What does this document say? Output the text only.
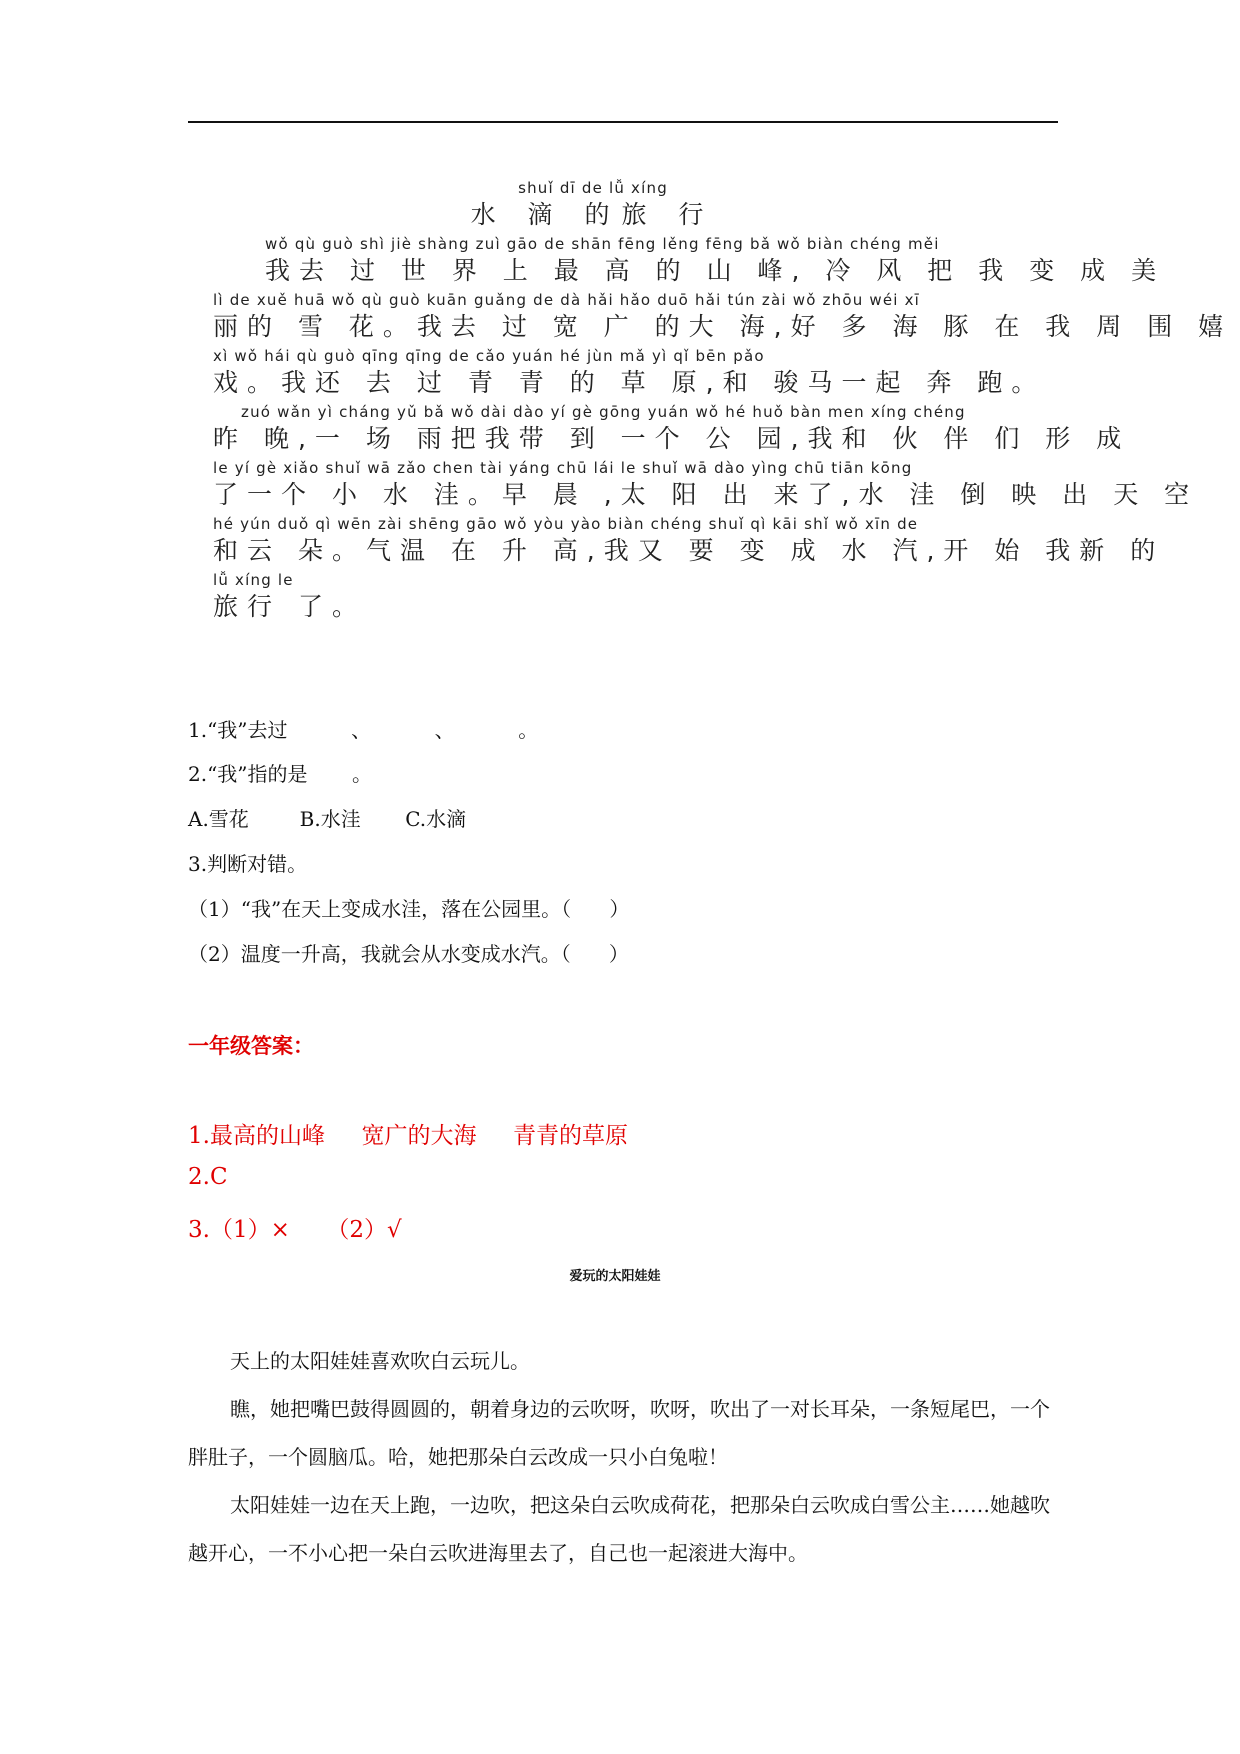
shuǐ dī de lǚ xíng
水 滴 的旅 行
wǒ qù guò shì jiè shàng zuì gāo de shān fēng lěng fēng bǎ wǒ biàn chéng měi
我去 过 世 界 上 最 高 的 山 峰, 冷 风 把 我 变 成 美
lì de xuě huā wǒ qù guò kuān guǎng de dà hǎi hǎo duō hǎi tún zài wǒ zhōu wéi xī
丽的 雪 花。我去 过 宽 广 的大 海,好 多 海 豚 在 我 周 围 嬉
xì wǒ hái qù guò qīng qīng de cǎo yuán hé jùn mǎ yì qǐ bēn pǎo
戏。我还 去 过 青 青 的 草 原,和 骏马一起 奔 跑。
zuó wǎn yì cháng yǔ bǎ wǒ dài dào yí gè gōng yuán wǒ hé huǒ bàn men xíng chéng
昨 晚,一 场 雨把我带 到 一个 公 园,我和 伙 伴 们 形 成
le yí gè xiǎo shuǐ wā zǎo chen tài yáng chū lái le shuǐ wā dào yìng chū tiān kōng
了一个 小 水 洼。早 晨 ,太 阳 出 来了,水 洼 倒 映 出 天 空
hé yún duǒ qì wēn zài shēng gāo wǒ yòu yào biàn chéng shuǐ qì kāi shǐ wǒ xīn de
和云 朵。气温 在 升 高,我又 要 变 成 水 汽,开 始 我新 的
lǚ xíng le
旅行 了。
1.“我”去过          、          、          。
2.“我”指的是       。
A.雪花        B.水洼       C.水滴
3.判断对错。
（1）“我”在天上变成水洼，落在公园里。（      ）
（2）温度一升高，我就会从水变成水汽。（      ）
一年级答案：
1.最高的山峰     宽广的大海     青青的草原
2.C
3.（1）×     （2）√
爱玩的太阳娃娃
天上的太阳娃娃喜欢吹白云玩儿。
瞧，她把嘴巴鼓得圆圆的，朝着身边的云吹呀，吹呀，吹出了一对长耳朵，一条短尾巴，一个胖肚子，一个圆脑瓜。哈，她把那朵白云改成一只小白兔啦！
太阳娃娃一边在天上跑，一边吹，把这朵白云吹成荷花，把那朵白云吹成白雪公主……她越吹越开心，一不小心把一朵白云吹进海里去了，自己也一起滚进大海中。
